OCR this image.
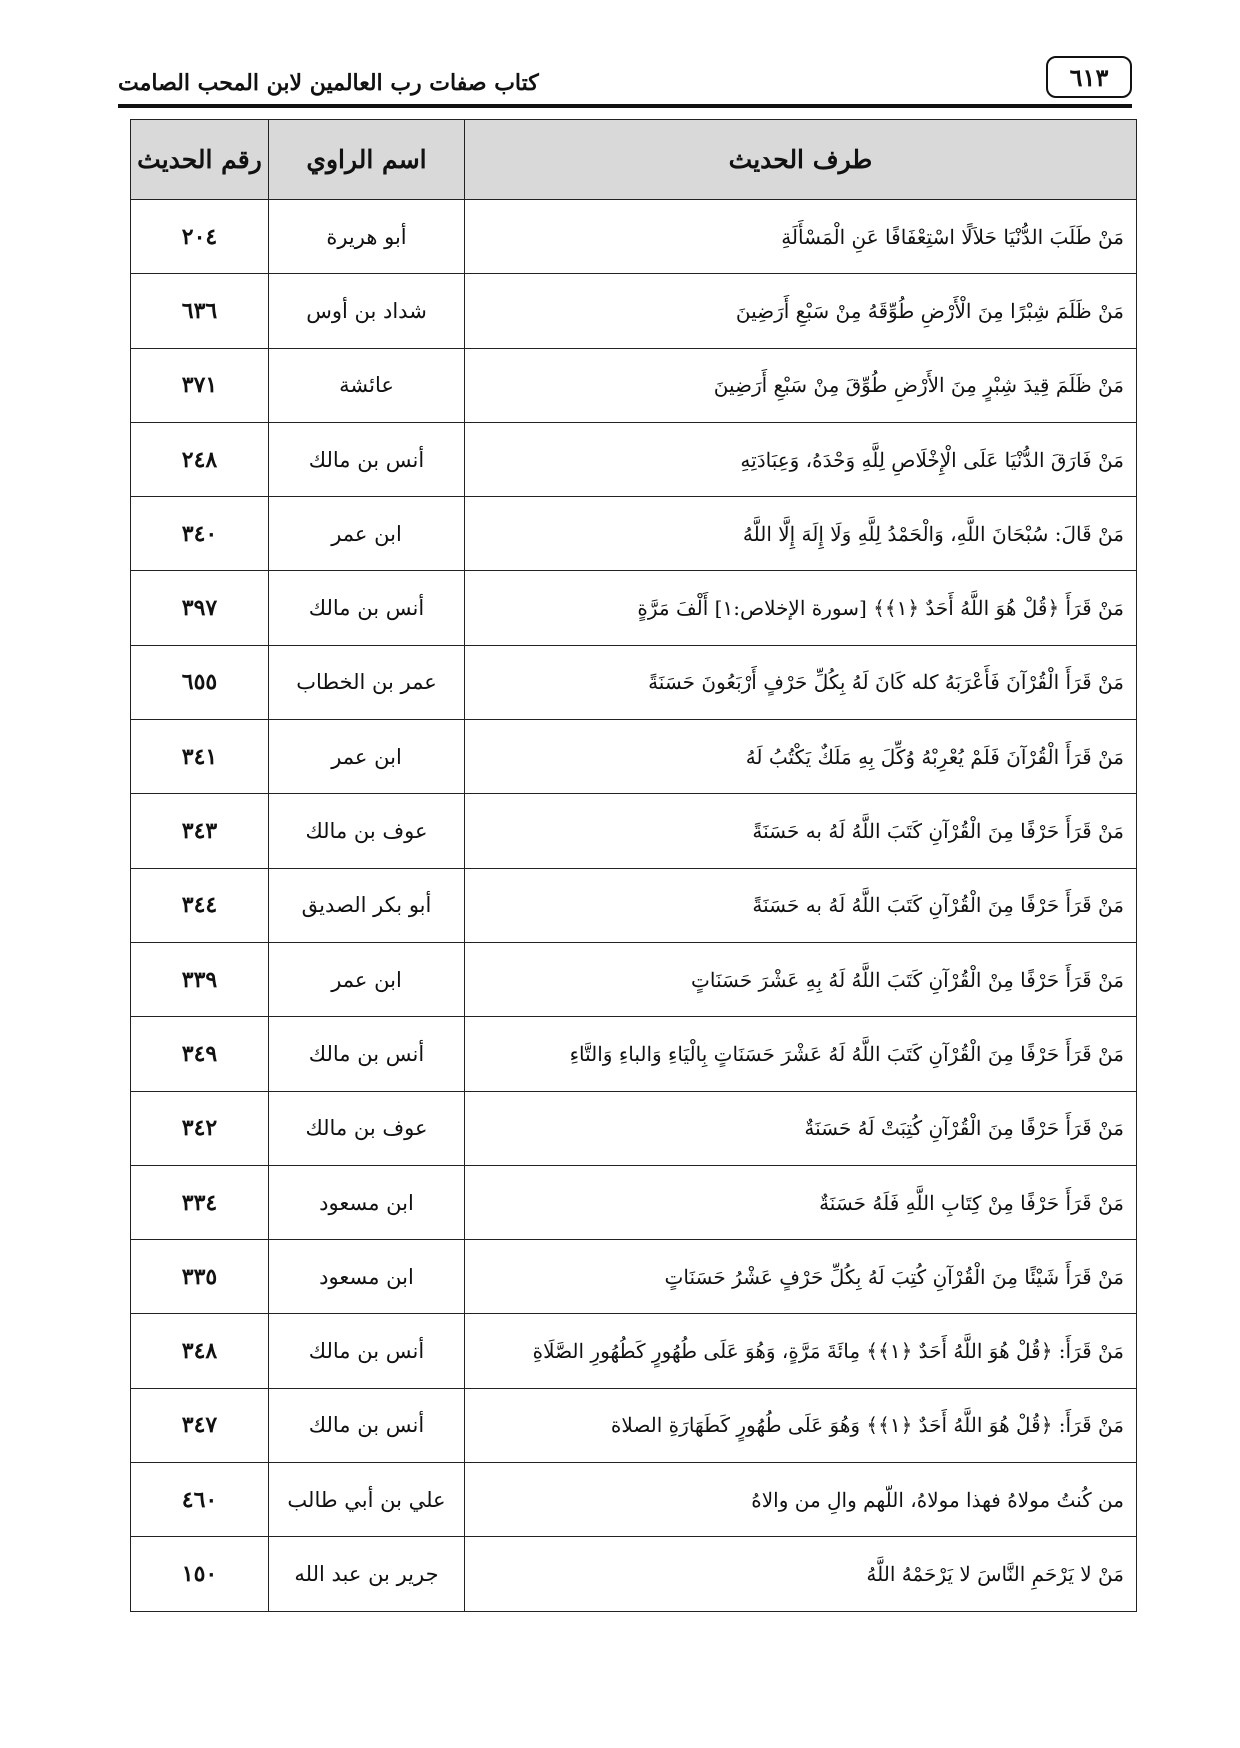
٦١٣
كتاب صفات رب العالمين لابن المحب الصامت
طرف الحديث	اسم الراوي	رقم الحديث
مَنْ طَلَبَ الدُّنْيَا حَلاَلًا اسْتِعْفَافًا عَنِ الْمَسْأَلَةِ	أبو هريرة	٢٠٤
مَنْ ظَلَمَ شِبْرًا مِنَ الْأَرْضِ طُوِّقَهُ مِنْ سَبْعِ أَرَضِينَ	شداد بن أوس	٦٣٦
مَنْ ظَلَمَ قِيدَ شِبْرٍ مِنَ الأَرْضِ طُوِّقَ مِنْ سَبْعِ أَرَضِينَ	عائشة	٣٧١
مَنْ فَارَقَ الدُّنْيَا عَلَى الْإِخْلَاصِ لِلَّهِ وَحْدَهُ، وَعِبَادَتِهِ	أنس بن مالك	٢٤٨
مَنْ قَالَ: سُبْحَانَ اللَّهِ، وَالْحَمْدُ لِلَّهِ وَلَا إِلَهَ إِلَّا اللَّهُ	ابن عمر	٣٤٠
مَنْ قَرَأَ ﴿قُلْ هُوَ اللَّهُ أَحَدٌ ﴿١﴾﴾ [سورة الإخلاص:١] أَلْفَ مَرَّةٍ	أنس بن مالك	٣٩٧
مَنْ قَرَأَ الْقُرْآنَ فَأَعْرَبَهُ كله كَانَ لَهُ بِكُلِّ حَرْفٍ أَرْبَعُونَ حَسَنَةً	عمر بن الخطاب	٦٥٥
مَنْ قَرَأَ الْقُرْآنَ فَلَمْ يُعْرِبْهُ وُكِّلَ بِهِ مَلَكٌ يَكْتُبُ لَهُ	ابن عمر	٣٤١
مَنْ قَرَأَ حَرْفًا مِنَ الْقُرْآنِ كَتَبَ اللَّهُ لَهُ به حَسَنَةً	عوف بن مالك	٣٤٣
مَنْ قَرَأَ حَرْفًا مِنَ الْقُرْآنِ كَتَبَ اللَّهُ لَهُ به حَسَنَةً	أبو بكر الصديق	٣٤٤
مَنْ قَرَأَ حَرْفًا مِنْ الْقُرْآنِ كَتَبَ اللَّهُ لَهُ بِهِ عَشْرَ حَسَنَاتٍ	ابن عمر	٣٣٩
مَنْ قَرَأَ حَرْفًا مِنَ الْقُرْآنِ كَتَبَ اللَّهُ لَهُ عَشْرَ حَسَنَاتٍ بِالْيَاءِ وَالباءِ وَالتَّاءِ	أنس بن مالك	٣٤٩
مَنْ قَرَأَ حَرْفًا مِنَ الْقُرْآنِ كُتِبَتْ لَهُ حَسَنَةٌ	عوف بن مالك	٣٤٢
مَنْ قَرَأَ حَرْفًا مِنْ كِتَابِ اللَّهِ فَلَهُ حَسَنَةٌ	ابن مسعود	٣٣٤
مَنْ قَرَأَ شَيْئًا مِنَ الْقُرْآنِ كُتِبَ لَهُ بِكُلِّ حَرْفٍ عَشْرُ حَسَنَاتٍ	ابن مسعود	٣٣٥
مَنْ قَرَأَ: ﴿قُلْ هُوَ اللَّهُ أَحَدٌ ﴿١﴾﴾ مِائَةَ مَرَّةٍ، وَهُوَ عَلَى طُهُورٍ كَطُهُورِ الصَّلَاةِ	أنس بن مالك	٣٤٨
مَنْ قَرَأَ: ﴿قُلْ هُوَ اللَّهُ أَحَدٌ ﴿١﴾﴾ وَهُوَ عَلَى طُهُورٍ كَطَهَارَةِ الصلاة	أنس بن مالك	٣٤٧
من كُنتُ مولاهُ فهذا مولاهُ، اللّهم والِ من والاهُ	علي بن أبي طالب	٤٦٠
مَنْ لا يَرْحَمِ النَّاسَ لا يَرْحَمْهُ اللَّهُ	جرير بن عبد الله	١٥٠
